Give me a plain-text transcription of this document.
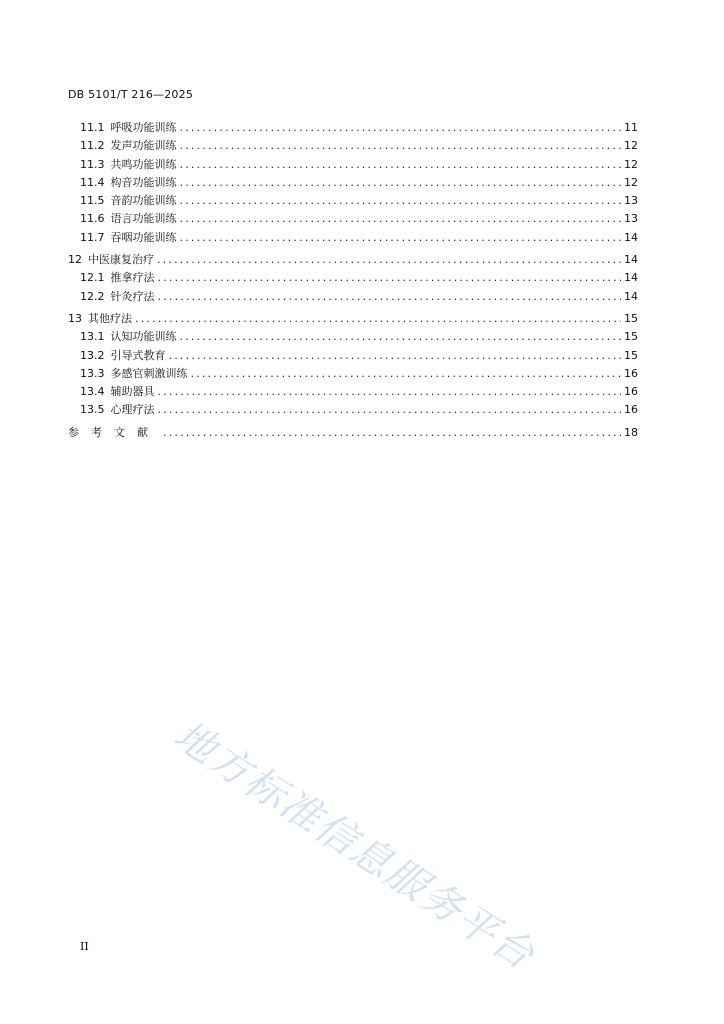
DB 5101/T 216—2025
11.1 呼吸功能训练 .....	11
11.2 发声功能训练 .....	12
11.3 共鸣功能训练 .....	12
11.4 构音功能训练 .....	12
11.5 音韵功能训练 .....	13
11.6 语言功能训练 .....	13
11.7 吞咽功能训练 .....	14
12 中医康复治疗 .....	14
12.1 推拿疗法 .....	14
12.2 针灸疗法 .....	14
13 其他疗法 .....	15
13.1 认知功能训练 .....	15
13.2 引导式教育 .....	15
13.3 多感官刺激训练 .....	16
13.4 辅助器具 .....	16
13.5 心理疗法 .....	16
参考文献 .....	18
地方标准信息服务平台
II
